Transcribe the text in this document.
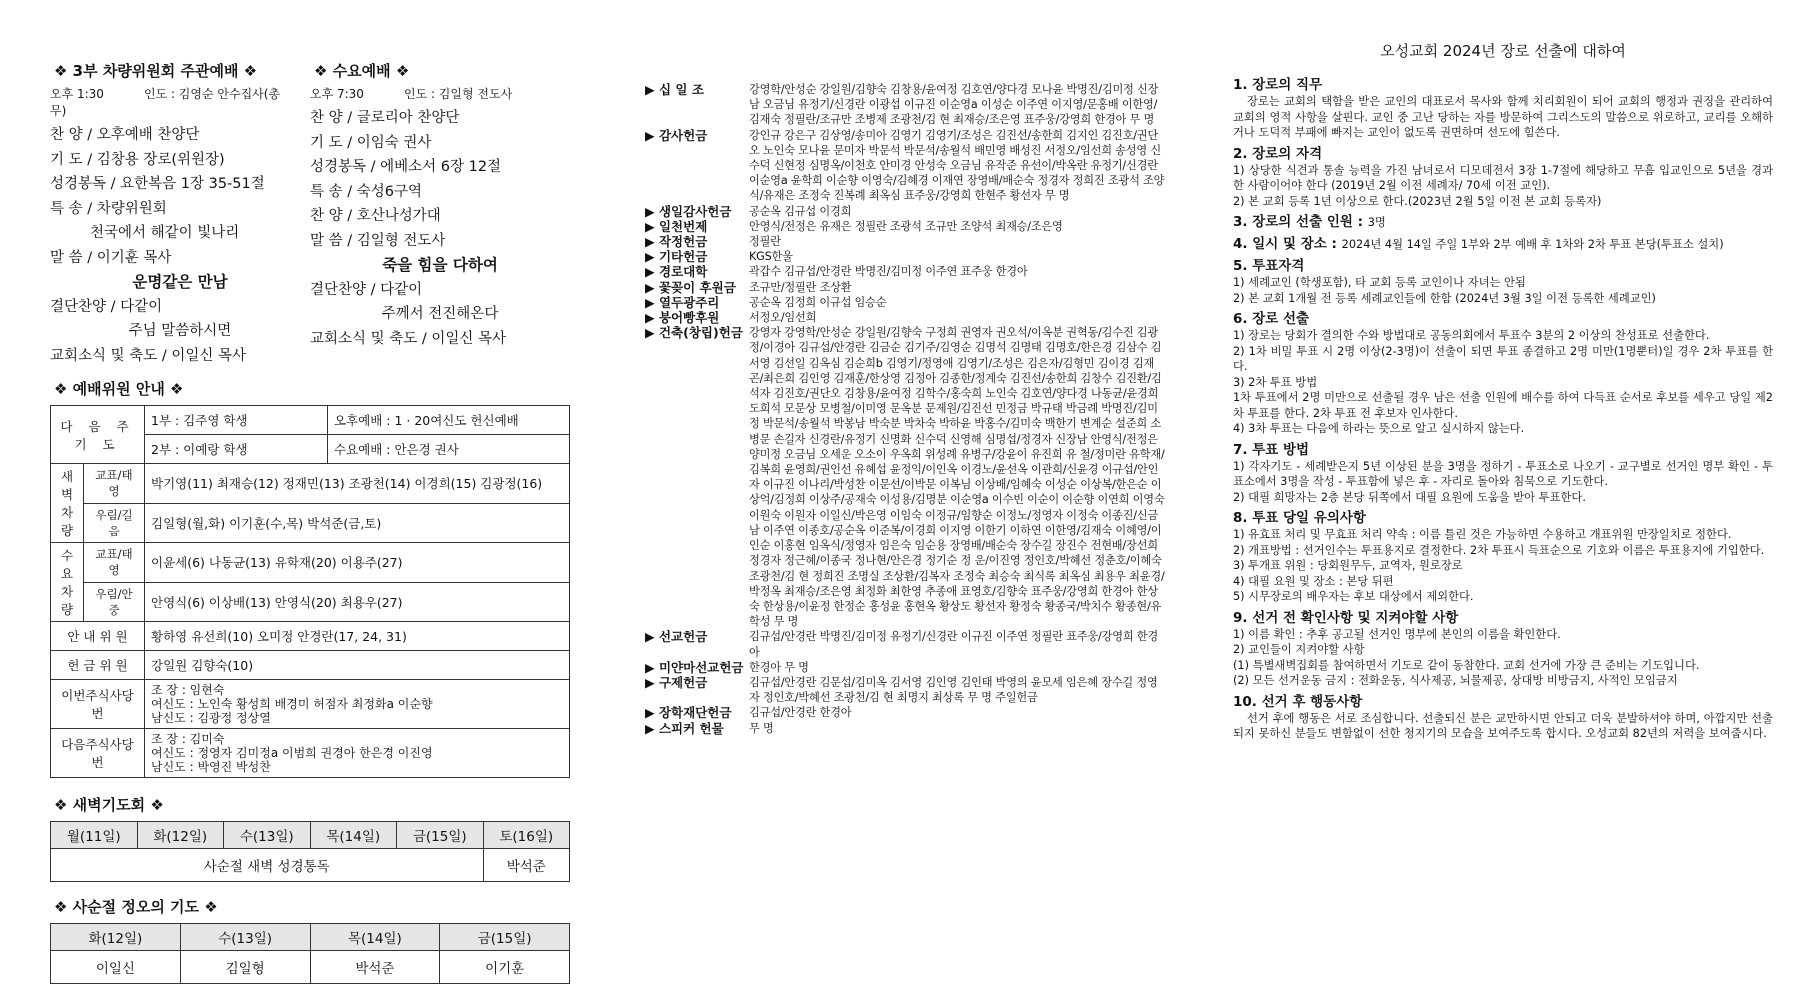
❖ 3부 차량위원회 주관예배 ❖
오후 1:30	인도 : 김영순 안수집사(총무)
찬 양 / 오후예배 찬양단
기 도 / 김창용 장로(위원장)
성경봉독 / 요한복음 1장 35-51절
특 송 / 차량위원회
천국에서 해같이 빛나리
말 씀 / 이기훈 목사
운명같은 만남
결단찬양 / 다같이
주님 말씀하시면
교회소식 및 축도 / 이일신 목사
❖ 수요예배 ❖
오후 7:30	인도 : 김일형 전도사
찬 양 / 글로리아 찬양단
기 도 / 이임숙 권사
성경봉독 / 에베소서 6장 12절
특 송 / 숙성6구역
찬 양 / 호산나성가대
말 씀 / 김일형 전도사
죽을 힘을 다하여
결단찬양 / 다같이
주께서 전진해온다
교회소식 및 축도 / 이일신 목사
❖ 예배위원 안내 ❖
다 음 주 기 도		1부 : 김주영 학생	오후예배 : 1 · 20여신도 헌신예배
		2부 : 이예랑 학생	수요예배 : 안은경 권사
새벽 차량	교표/태영	박기영(11) 최재승(12) 정재민(13) 조광천(14) 이경희(15) 김광정(16)	
	우림/길음	김일형(월,화) 이기훈(수,목) 박석준(금,토)	
수요 차량	교표/태영	이윤세(6) 나동균(13) 유학재(20) 이용주(27)	
	우림/안중	안영식(6) 이상배(13) 안영식(20) 최용우(27)	
안 내 위 원		황하영 유선희(10) 오미정 안경란(17, 24, 31)	
헌 금 위 원		강일원 김향숙(10)	
이번주식사당번		조 장 : 임현숙
여신도 : 노인숙 황성희 배경미 허점자 최정화a 이순향
남신도 : 김광정 정상열	

다음주식사당번		조 장 : 김미숙
여신도 : 정영자 김미정a 이범희 권경아 한은경 이진영
남신도 : 박영진 박성찬	
❖ 새벽기도회 ❖
월(11일)	화(12일)	수(13일)	목(14일)	금(15일)	토(16일)
사순절 새벽 성경통독					박석준
❖ 사순절 정오의 기도 ❖
화(12일)	수(13일)	목(14일)	금(15일)
이일신	김일형	박석준	이기훈
▶ 십 일 조	강영학/안성순 강일원/김향숙 김창용/윤여정 김호연/양다경 모나윤 박명진/김미정 신장남 오금님 유정기/신경란 이광섭 이규진 이순영a 이성순 이주연 이지영/문홍배 이한영/김재숙 정필란/조규만 조병제 조광천/김 현 최재승/조은영 표주웅/강영희 한경아 무 명
▶ 감사헌금	강인규 강은구 김상영/송미아 김영기 김영기/조성은 김진선/송한희 김지인 김진호/권단오 노인숙 모나윤 문미자 박문석 박문석/송월석 배민영 배성진 서정오/임선희 송성영 신수덕 신현정 심명옥/이천호 안미경 안성숙 오금님 유작준 유선이/박옥란 유정기/신경란 이순영a 윤학희 이순향 이영숙/김혜경 이재연 장영배/배순숙 정경자 정희진 조광석 조양식/유재은 조정숙 진복례 최옥심 표주웅/강영희 한현주 황선자 무 명
▶ 생일감사헌금	공순옥 김규섭 이경희
▶ 일천번제	안영식/전정은 유재은 정필란 조광석 조규만 조양석 최재승/조은영
▶ 작정헌금	정필란
▶ 기타헌금	KGS한울
▶ 경로대학	곽갑수 김규섭/안경란 박명진/김미정 이주연 표주웅 한경아
▶ 꽃꽂이 후원금	조규만/정필란 조상환
▶ 열두광주리	공순옥 김정희 이규섭 임승순
▶ 붕어빵후원	서정오/임선희
▶ 건축(창립)헌금 강영자 강영학/안성순 강일원/김향숙 구정희 권영자 권오석/이옥분 권혁동/김수진 김광정/이경아 김규섭/안경란 김금순 김기주/김영순 김명석 김명태 김명호/한은경 김삼수 김서영 김선일 김옥심 김순희b 김영기/정영애 김영기/조성은 김은자/김형민 김이경 김재곤/최은희 김인영 김재훈/한상영 김정아 김종한/정계숙 김진선/송한희 김창수 김진환/김석자 김진호/권단오 김창용/윤여정 김학수/홍숙희 노인숙 김호연/양다경 나동균/윤경희 도희석 모문상 모병철/이미영 문옥분 문제원/김진선 민정금 박규태 박금례 박명진/김미정 박문석/송월석 박봉남 박숙분 박차숙 박하윤 박홍수/김미숙 백한기 변계순 설준희 소병문 손길자 신경란/유정기 신명화 신수덕 신영해 심명섭/정경자 신장남 안영식/전정은 양미정 오금님 오세운 오소이 우옥희 위성례 유병구/강윤이 유진희 유 철/정미란 유학재/김복희 윤영희/권인선 유혜섭 윤정익/이인옥 이경노/윤선옥 이관희/신윤경 이규섭/안인자 이규진 이나리/박성찬 이문선/이박문 이복님 이상배/임혜숙 이성순 이상복/한은순 이상억/김정희 이상주/공재숙 이성용/김명분 이순영a 이수빈 이순이 이순향 이연희 이영숙 이원숙 이원자 이일신/박은영 이임숙 이정규/임향순 이정노/정영자 이정숙 이종진/신금남 이주연 이종호/공순옥 이준복/이경희 이지영 이한기 이하연 이한영/김재숙 이혜영/이인순 이홍현 임옥식/정영자 임은숙 임순용 장영배/배순숙 장수길 장진수 전현배/장선희 정경자 정근혜/이종국 정나현/안은경 정기순 정 운/이진영 정인호/박혜선 정춘호/이혜숙 조광천/김 현 정희진 조명실 조상환/김복자 조정숙 최승숙 최식록 최옥심 최용우 최윤경/박정옥 최재승/조은영 최정화 최한영 추종애 표영호/김향숙 표주웅/강영희 한경아 한상숙 한상용/이윤정 한정순 홍성윤 홍현옥 황상도 황선자 황정숙 황종국/박치수 황종현/유학성 무 명
▶ 선교헌금	김규섭/안경란 박명진/김미정 유정기/신경란 이규진 이주연 정필란 표주웅/강영희 한경아
▶ 미얀마선교헌금 한경아 무 명
▶ 구제헌금	김규섭/안경란 김문섭/김미옥 김서영 김인영 김인태 박영의 윤모세 임은혜 장수길 정영자 정인호/박혜선 조광천/김 현 최명지 최상록 무 명 주일헌금
▶ 장학재단헌금	김규섭/안경란 한경아
▶ 스피커 헌물	무 명
오성교회 2024년 장로 선출에 대하여
1. 장로의 직무

장로는 교회의 택함을 받은 교인의 대표로서 목사와 함께 치리회원이 되어 교회의 행정과 권징을 관리하여 교회의 영적 사항을 살핀다. 교인 중 고난 당하는 자를 방문하여 그리스도의 말씀으로 위로하고, 교리를 오해하거나 도덕적 부패에 빠지는 교인이 없도록 권면하며 선도에 힘쓴다.

2. 장로의 자격

1) 상당한 식견과 통솔 능력을 가진 남녀로서 디모데전서 3장 1-7절에 해당하고 무흠 입교인으로 5년을 경과한 사람이어야 한다 (2019년 2월 이전 세례자/ 70세 이전 교인).

2) 본 교회 등록 1년 이상으로 한다.(2023년 2월 5일 이전 본 교회 등록자)

3. 장로의 선출 인원 : 3명
4. 일시 및 장소 : 2024년 4월 14일 주일 1부와 2부 예배 후 1차와 2차 투표 본당(투표소 설치)
5. 투표자격

1) 세례교인 (학생포함), 타 교회 등록 교인이나 자녀는 안됨

2) 본 교회 1개월 전 등록 세례교인들에 한함 (2024년 3월 3일 이전 등록한 세례교인)

6. 장로 선출

1) 장로는 당회가 결의한 수와 방법대로 공동의회에서 투표수 3분의 2 이상의 찬성표로 선출한다.

2) 1차 비밀 투표 시 2명 이상(2-3명)이 선출이 되면 투표 종결하고 2명 미만(1명뿐터)일 경우 2차 투표를 한다.

3) 2차 투표 방법

1차 투표에서 2명 미만으로 선출될 경우 남은 선출 인원에 배수를 하여 다득표 순서로 후보를 세우고 당일 제2차 투표를 한다. 2차 투표 전 후보자 인사한다.

4) 3차 투표는 다음에 하라는 뜻으로 알고 실시하지 않는다.

7. 투표 방법

1) 각자기도 - 세례받은지 5년 이상된 분을 3명을 정하기 - 투표소로 나오기 - 교구별로 선거인 명부 확인 - 투표소에서 3명을 작성 - 투표함에 넣은 후 - 자리로 돌아와 침묵으로 기도한다.

2) 대필 희망자는 2층 본당 뒤쪽에서 대필 요원에 도움을 받아 투표한다.

8. 투표 당일 유의사항

1) 유효표 처리 및 무효표 처리 약속 : 이름 틀린 것은 가능하면 수용하고 개표위원 만장일치로 정한다.

2) 개표방법 : 선거인수는 투표용지로 결정한다. 2차 투표시 득표순으로 기호와 이름은 투표용지에 기입한다.

3) 투개표 위원 : 당회원무두, 교역자, 원로장로

4) 대필 요원 및 장소 : 본당 뒤편

5) 시무장로의 배우자는 후보 대상에서 제외한다.

9. 선거 전 확인사항 및 지켜야할 사항

1) 이름 확인 : 추후 공고될 선거인 명부에 본인의 이름을 확인한다.

2) 교인들이 지켜야할 사항

(1) 특별새벽집회를 참여하면서 기도로 같이 동참한다. 교회 선거에 가장 큰 준비는 기도입니다.

(2) 모든 선거운동 금지 : 전화운동, 식사제공, 뇌물제공, 상대방 비방금지, 사적인 모임금지

10. 선거 후 행동사항

선거 후에 행동은 서로 조심합니다. 선출되신 분은 교만하시면 안되고 더욱 분발하셔야 하며, 아깝지만 선출되지 못하신 분들도 변함없이 선한 청지기의 모습을 보여주도록 합시다. 오성교회 82년의 저력을 보여줍시다.
